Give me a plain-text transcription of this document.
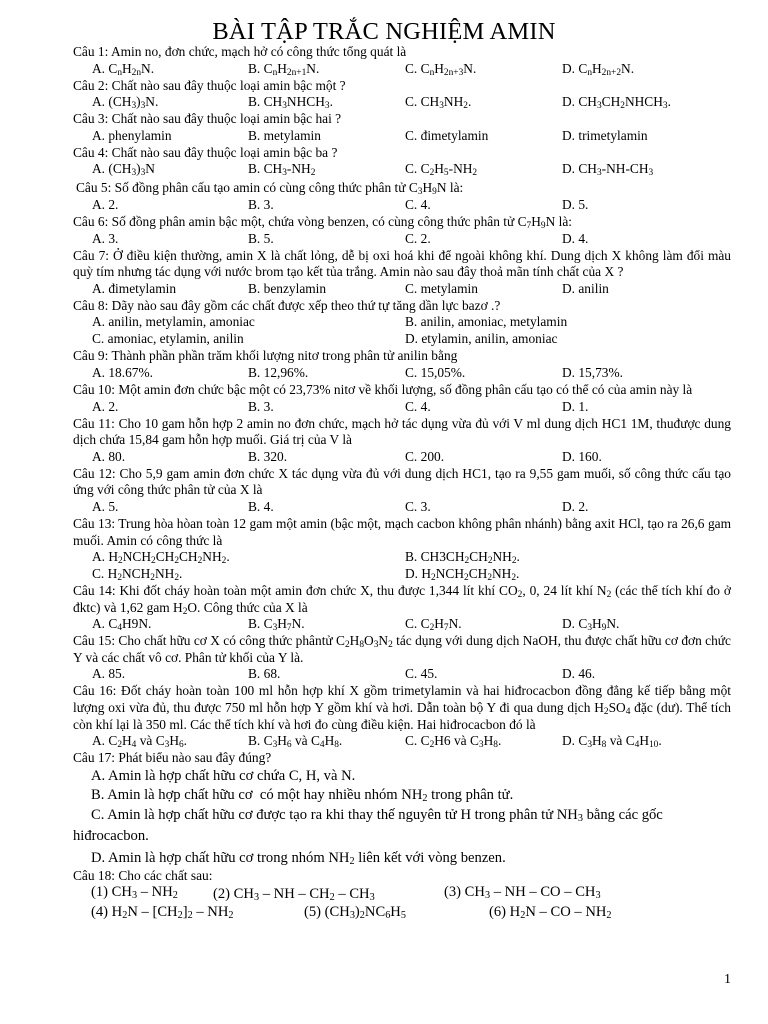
BÀI TẬP TRẮC NGHIỆM AMIN
Câu 1: Amin no, đơn chức, mạch hở có công thức tổng quát là
A. $C_nH_{2n}N$.	B. $C_nH_{2n+1}N$.	C. $C_nH_{2n+3}N$.	D. $C_nH_{2n+2}N$.
Câu 2: Chất nào sau đây thuộc loại amin bậc một ?
A. $(CH_3)_3N$.	B. $CH_3NHCH_3$.	C. $CH_3NH_2$.	D. $CH_3CH_2NHCH_3$.
Câu 3: Chất nào sau đây thuộc loại amin bậc hai ?
A. phenylamin	B. metylamin	C. đimetylamin	D. trimetylamin
Câu 4: Chất nào sau đây thuộc loại amin bậc ba ?
A. $(CH_3)_3N$	B. $CH_3-NH_2$	C. $C_2H_5-NH_2$	D. $CH_3-NH-CH_3$
Câu 5: Số đồng phân cấu tạo amin có cùng công thức phân tử $C_3H_9N$ là:
A. 2.	B. 3.	C. 4.	D. 5.
Câu 6: Số đồng phân amin bậc một, chứa vòng benzen, có cùng công thức phân tử $C_7H_9N$ là:
A. 3.	B. 5.	C. 2.	D. 4.
Câu 7: Ở điều kiện thường, amin X là chất lỏng, dễ bị oxi hoá khi để ngoài không khí. Dung dịch X không làm đổi màu quỳ tím nhưng tác dụng với nước brom tạo kết tủa trắng. Amin nào sau đây thoả mãn tính chất của X ?
A. đimetylamin	B. benzylamin	C. metylamin	D. anilin
Câu 8: Dãy nào sau đây gồm các chất được xếp theo thứ tự tăng dần lực bazơ .?
A. anilin, metylamin, amoniac	B. anilin, amoniac, metylamin
C. amoniac, etylamin, anilin	D. etylamin, anilin, amoniac
Câu 9: Thành phần phần trăm khối lượng nitơ trong phân tử anilin bằng
A. 18.67%.	B. 12,96%.	C. 15,05%.	D. 15,73%.
Câu 10: Một amin đơn chức bậc một có 23,73% nitơ về khối lượng, số đồng phân cấu tạo có thể có của amin này là
A. 2.	B. 3.	C. 4.	D. 1.
Câu 11: Cho 10 gam hỗn hợp 2 amin no đơn chức, mạch hở tác dụng vừa đủ với V ml dung dịch HC1 1M, thuđược dung dịch chứa 15,84 gam hỗn hợp muối. Giá trị của V là
A. 80.	B. 320.	C. 200.	D. 160.
Câu 12: Cho 5,9 gam amin đơn chức X tác dụng vừa đủ với dung dịch HC1, tạo ra 9,55 gam muối, số công thức cấu tạo ứng với công thức phân tử của X là
A. 5.	B. 4.	C. 3.	D. 2.
Câu 13: Trung hòa hòan toàn 12 gam một amin (bậc một, mạch cacbon không phân nhánh) bằng axit HCl, tạo ra 26,6 gam muối. Amin có công thức là
A. $H_2NCH_2CH_2CH_2NH_2$.	B. $CH3CH_2CH_2NH_2$.
C. $H_2NCH_2NH_2$.	D. $H_2NCH_2CH_2NH_2$.
Câu 14: Khi đốt cháy hoàn toàn một amin đơn chức X, thu được 1,344 lít khí $CO_2$, 0, 24 lít khí $N_2$ (các thể tích khí đo ở đktc) và 1,62 gam $H_2O$. Công thức của X là
A. $C_4H9N$.	B. $C_3H_7N$.	C. $C_2H_7N$.	D. $C_3H_9N$.
Câu 15: Cho chất hữu cơ X có công thức phântử $C_2H_8O_3N_2$ tác dụng với dung dịch NaOH, thu được chất hữu cơ đơn chức Y và các chất vô cơ. Phân tử khối của Y là.
A. 85.	B. 68.	C. 45.	D. 46.
Câu 16: Đốt cháy hoàn toàn 100 ml hỗn hợp khí X gồm trimetylamin và hai hiđrocacbon đồng đẳng kế tiếp bằng một lượng oxi vừa đủ, thu được 750 ml hỗn hợp Y gồm khí và hơi. Dẫn toàn bộ Y đi qua dung dịch $H_2SO_4$ đặc (dư). Thể tích còn khí lại là 350 ml. Các thể tích khí và hơi đo cùng điều kiện. Hai hiđrocacbon đó là
A. $C_2H_4$ và $C_3H_6$.	B. $C_3H_6$ và $C_4H_8$.	C. $C_2H6$ và $C_3H_8$.	D. $C_3H_8$ và $C_4H_{10}$.
Câu 17: Phát biểu nào sau đây đúng?
A. Amin là hợp chất hữu cơ chứa C, H, và N.
B. Amin là hợp chất hữu cơ  có một hay nhiều nhóm $NH_2$ trong phân tử.
C. Amin là hợp chất hữu cơ được tạo ra khi thay thế nguyên tử H trong phân tử $NH_3$ bằng các gốc hiđrocacbon.
D. Amin là hợp chất hữu cơ trong nhóm $NH_2$ liên kết với vòng benzen.
Câu 18: Cho các chất sau:
(1) $CH_3 - NH_2$ (2) $CH_3$ – NH – $CH_2 - CH_3$	(3) $CH_3$ – NH – CO – $CH_3$
(4) $H_2N - [CH_2]_2 - NH_2$	(5) $(CH_3)_2NC_6H_5$	(6) $H_2N$ – CO – $NH_2$
1
